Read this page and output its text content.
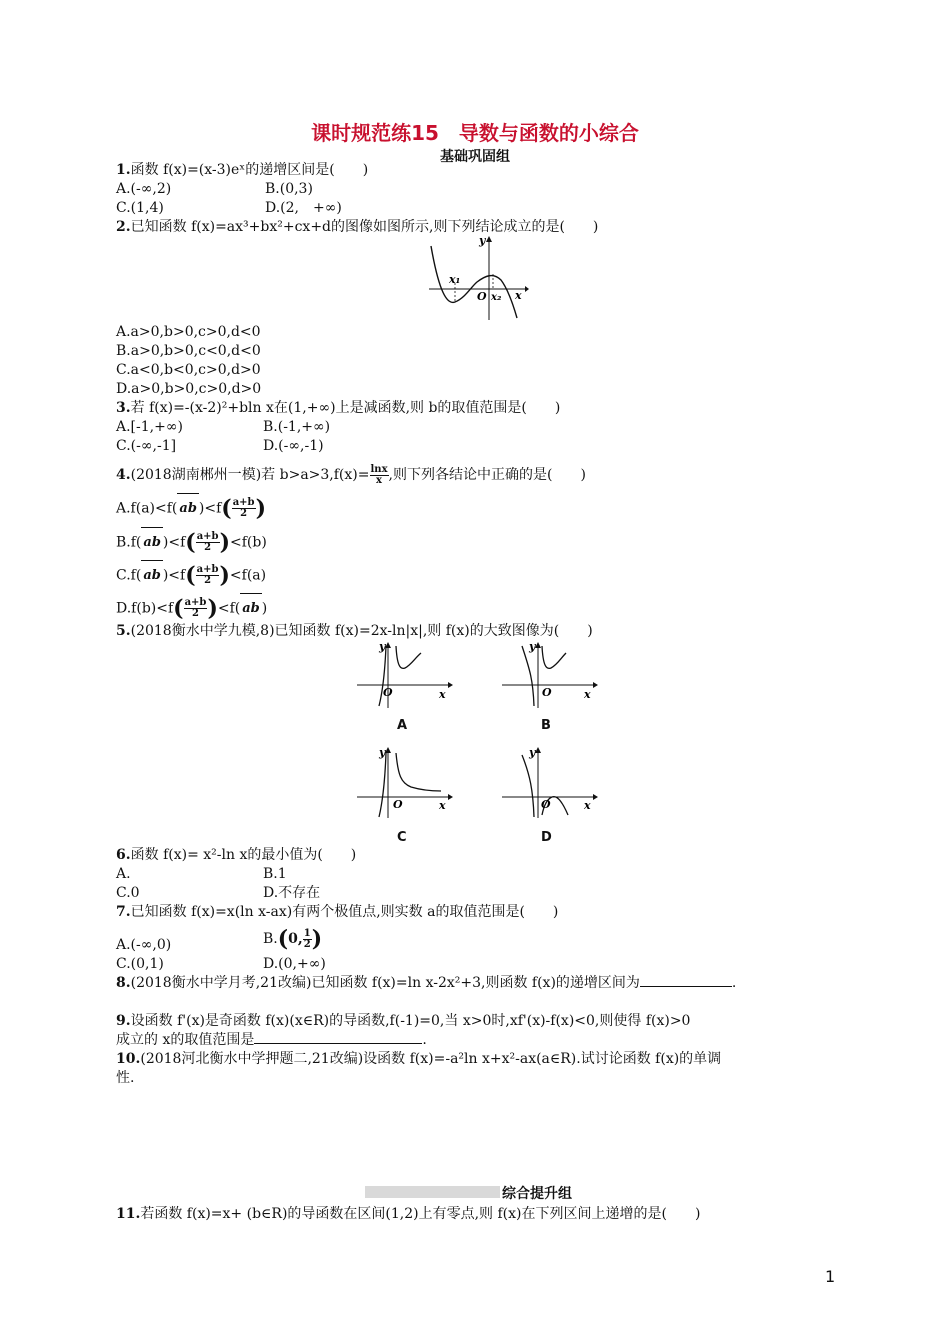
课时规范练15　导数与函数的小综合
基础巩固组
1.函数 f(x)=(x-3)eˣ的递增区间是(　　)
A.(-∞,2)	B.(0,3)
C.(1,4)	D.(2,　+∞)
2.已知函数 f(x)=ax³+bx²+cx+d的图像如图所示,则下列结论成立的是(　　)
x₁
O x₂ x
y
A.a>0,b>0,c>0,d<0
B.a>0,b>0,c<0,d<0
C.a<0,b<0,c>0,d>0
D.a>0,b>0,c>0,d>0
3.若 f(x)=-(x-2)²+bln x在(1,+∞)上是减函数,则 b的取值范围是(　　)
A.[-1,+∞)	B.(-1,+∞)
C.(-∞,-1]	D.(-∞,-1)
4.(2018湖南郴州一模)若 $b>a>3,f(x)= \frac{\ln x}{x}$ ,则下列各结论中正确的是(　　)
A.f(a)<f( ab )$<f( \frac{a+b}{2}$ )
B.f( ab )$<f( \frac{a+b}{2} )<f(b)$
C.f( ab )$<f( \frac{a+b}{2} )<f(a)$
$D.f(b)<f( \frac{a+b}{2} )<f$( ab )
5.(2018衡水中学九模,8)已知函数 f(x)=2x-ln|x|,则 f(x)的大致图像为(　　)
O	x
y
A
O	x
y
B
O	x
y
C
O	x
y
D
6.函数 f(x)= x²-ln x的最小值为(　　)
A.	B.1
C.0	D.不存在
7.已知函数 f(x)=x(ln x-ax)有两个极值点,则实数 a的取值范围是(　　)
A.(-∞,0)	B.(0, $\frac{1}{2}$ )
C.(0,1)	D.(0,+∞)
8.(2018衡水中学月考,21改编)已知函数 f(x)=ln x-2x²+3,则函数 f(x)的递增区间为	.
9.设函数 f'(x)是奇函数 f(x)(x∈R)的导函数,f(-1)=0,当 x>0时,xf'(x)-f(x)<0,则使得 f(x)>0
成立的 x的取值范围是	.
10.(2018河北衡水中学押题二,21改编)设函数 f(x)=-a²ln x+x²-ax(a∈R).试讨论函数 f(x)的单调
性.
综合提升组
11.若函数 f(x)=x+ (b∈R)的导函数在区间(1,2)上有零点,则 f(x)在下列区间上递增的是(　　)
1
